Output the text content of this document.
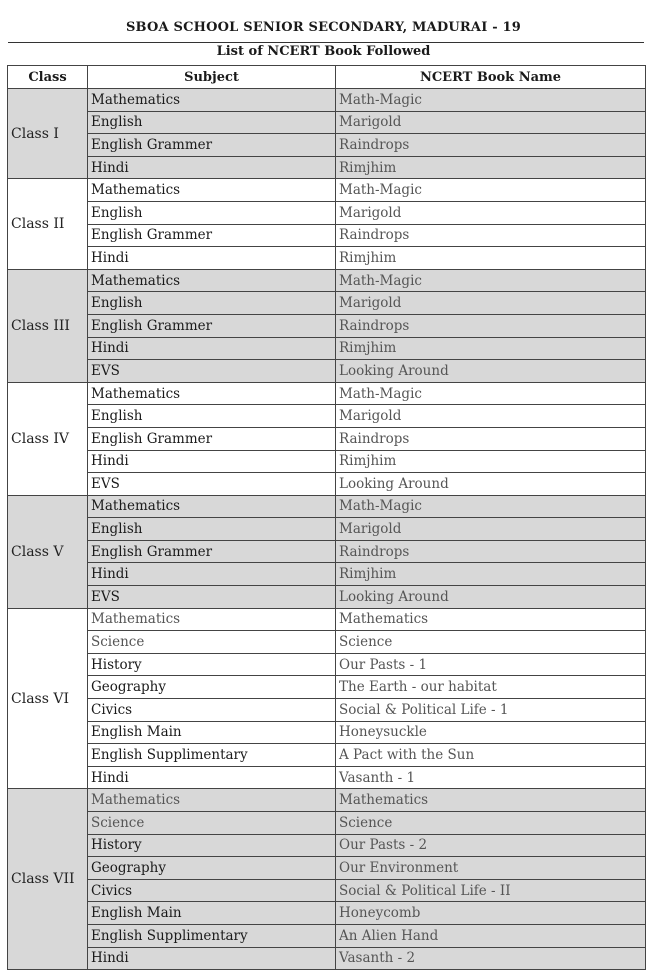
SBOA SCHOOL SENIOR SECONDARY, MADURAI - 19
List of NCERT Book Followed
Class	Subject	NCERT Book Name
Class I	Mathematics	Math-Magic
	English	Marigold
	English Grammer	Raindrops
	Hindi	Rimjhim
Class II	Mathematics	Math-Magic
	English	Marigold
	English Grammer	Raindrops
	Hindi	Rimjhim
Class III	Mathematics	Math-Magic
	English	Marigold
	English Grammer	Raindrops
	Hindi	Rimjhim
	EVS	Looking Around
Class IV	Mathematics	Math-Magic
	English	Marigold
	English Grammer	Raindrops
	Hindi	Rimjhim
	EVS	Looking Around
Class V	Mathematics	Math-Magic
	English	Marigold
	English Grammer	Raindrops
	Hindi	Rimjhim
	EVS	Looking Around
Class VI	Mathematics	Mathematics
	Science	Science
	History	Our Pasts - 1
	Geography	The Earth - our habitat
	Civics	Social & Political Life - 1
	English Main	Honeysuckle
	English Supplimentary	A Pact with the Sun
	Hindi	Vasanth - 1
Class VII	Mathematics	Mathematics
	Science	Science
	History	Our Pasts - 2
	Geography	Our Environment
	Civics	Social & Political Life - II
	English Main	Honeycomb
	English Supplimentary	An Alien Hand
	Hindi	Vasanth - 2
